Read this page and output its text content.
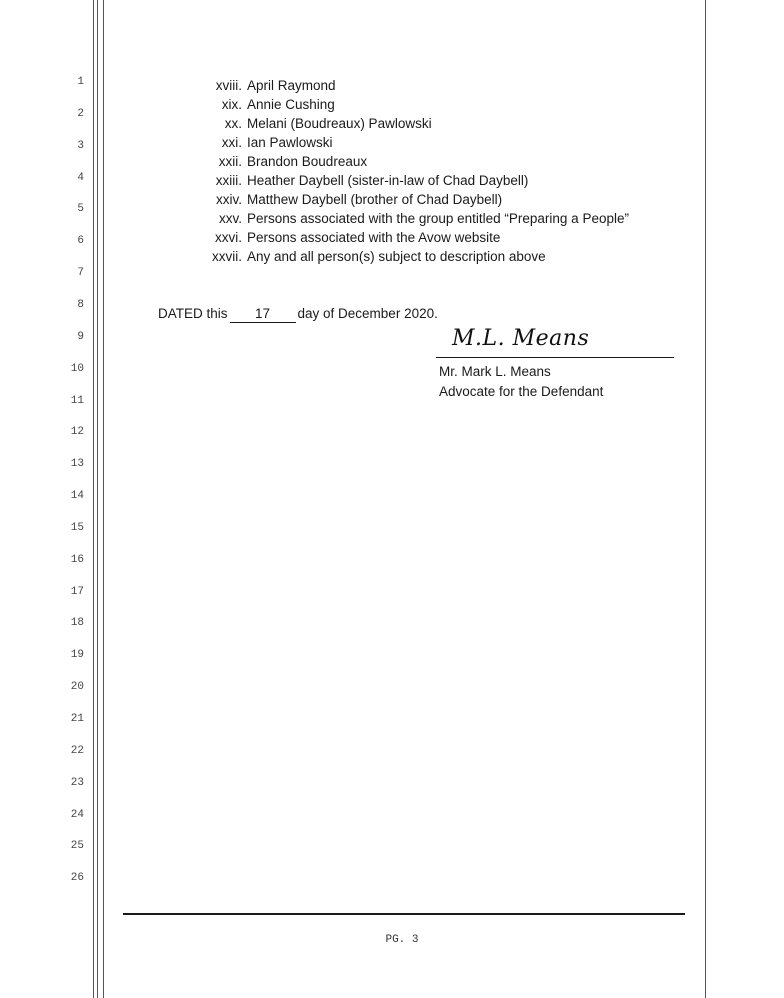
1
2
3
4
5
6
7
8
9
10
11
12
13
14
15
16
17
18
19
20
21
22
23
24
25
26
xviii. April Raymond
xix. Annie Cushing
xx. Melani (Boudreaux) Pawlowski
xxi. Ian Pawlowski
xxii. Brandon Boudreaux
xxiii. Heather Daybell (sister-in-law of Chad Daybell)
xxiv. Matthew Daybell (brother of Chad Daybell)
xxv. Persons associated with the group entitled “Preparing a People”
xxvi. Persons associated with the Avow website
xxvii. Any and all person(s) subject to description above
DATED this 17 day of December 2020.
M.L. Means
Mr. Mark L. Means
Advocate for the Defendant
PG. 3
